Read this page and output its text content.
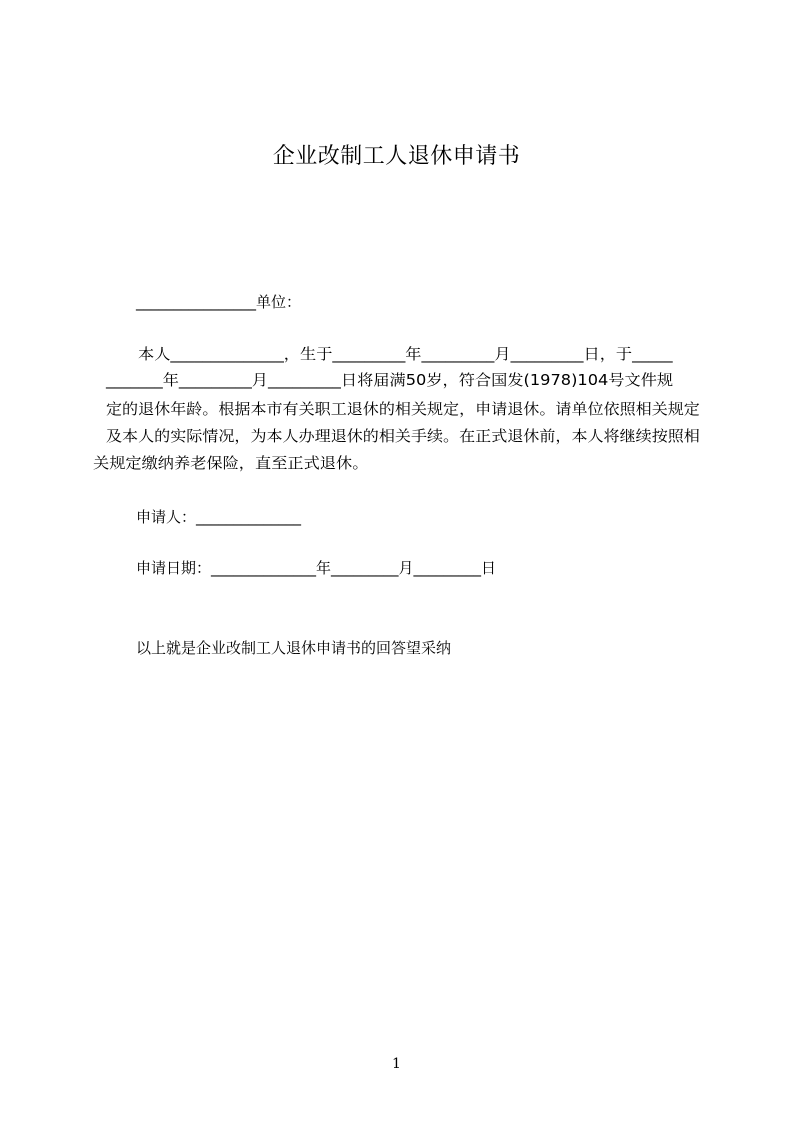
企业改制工人退休申请书
________________单位：
本人______________，生于_________年_________月_________日，于_____
_______年_________月_________日将届满50岁，符合国发(1978)104号文件规
定的退休年龄。根据本市有关职工退休的相关规定，申请退休。请单位依照相关规定
及本人的实际情况，为本人办理退休的相关手续。在正式退休前，本人将继续按照相
关规定缴纳养老保险，直至正式退休。
申请人：______________
申请日期：______________年_________月_________日
以上就是企业改制工人退休申请书的回答望采纳
1
